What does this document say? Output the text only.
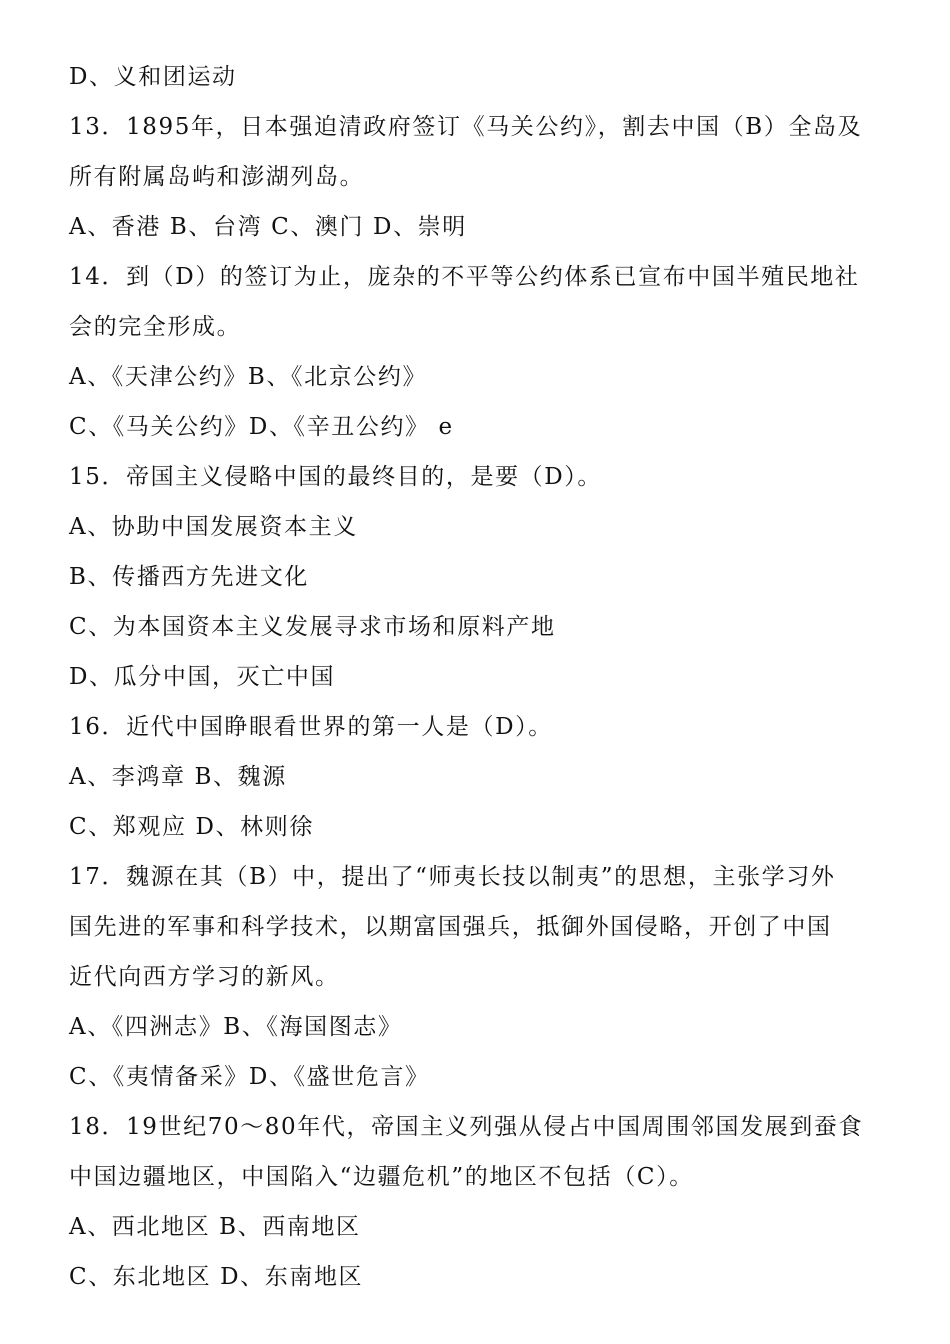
D、义和团运动
13．1895年，日本强迫清政府签订《马关公约》，割去中国（B）全岛及
所有附属岛屿和澎湖列岛。
A、香港 B、台湾 C、澳门 D、崇明
14．到（D）的签订为止，庞杂的不平等公约体系已宣布中国半殖民地社
会的完全形成。
A、《天津公约》B、《北京公约》
C、《马关公约》D、《辛丑公约》 e
15．帝国主义侵略中国的最终目的，是要（D）。
A、协助中国发展资本主义
B、传播西方先进文化
C、为本国资本主义发展寻求市场和原料产地
D、瓜分中国，灭亡中国
16．近代中国睁眼看世界的第一人是（D）。
A、李鸿章 B、魏源
C、郑观应 D、林则徐
17．魏源在其（B）中，提出了“师夷长技以制夷”的思想，主张学习外
国先进的军事和科学技术，以期富国强兵，抵御外国侵略，开创了中国
近代向西方学习的新风。
A、《四洲志》B、《海国图志》
C、《夷情备采》D、《盛世危言》
18．19世纪70～80年代，帝国主义列强从侵占中国周围邻国发展到蚕食
中国边疆地区，中国陷入“边疆危机”的地区不包括（C）。
A、西北地区 B、西南地区
C、东北地区 D、东南地区
